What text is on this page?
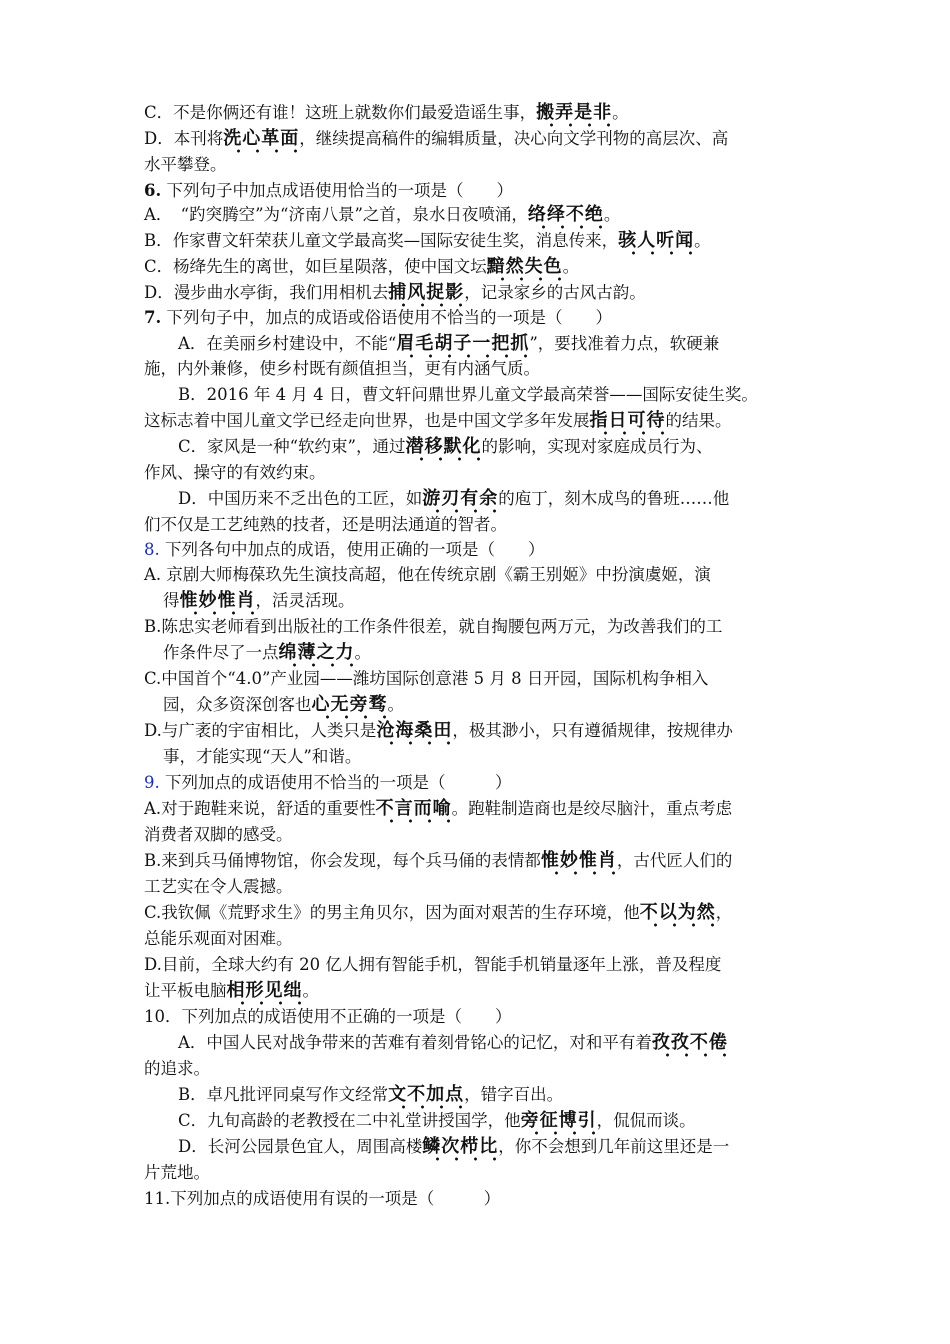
C．不是你俩还有谁！这班上就数你们最爱造谣生事，搬弄是非。
D．本刊将洗心革面，继续提高稿件的编辑质量，决心向文学刊物的高层次、高
水平攀登。
6. 下列句子中加点成语使用恰当的一项是（　　）
A．　“趵突腾空”为“济南八景”之首，泉水日夜喷涌，络绎不绝。
B．作家曹文轩荣获儿童文学最高奖—国际安徒生奖，消息传来，骇人听闻。
C．杨绛先生的离世，如巨星陨落，使中国文坛黯然失色。
D．漫步曲水亭街，我们用相机去捕风捉影，记录家乡的古风古韵。
7. 下列句子中，加点的成语或俗语使用不恰当的一项是（　　）
A．在美丽乡村建设中，不能“眉毛胡子一把抓”，要找准着力点，软硬兼
施，内外兼修，使乡村既有颜值担当，更有内涵气质。
B．2016 年 4 月 4 日，曹文轩问鼎世界儿童文学最高荣誉——国际安徒生奖。
这标志着中国儿童文学已经走向世界，也是中国文学多年发展指日可待的结果。
C．家风是一种“软约束”，通过潜移默化的影响，实现对家庭成员行为、
作风、操守的有效约束。
D．中国历来不乏出色的工匠，如游刃有余的庖丁，刻木成鸟的鲁班……他
们不仅是工艺纯熟的技者，还是明法通道的智者。
8. 下列各句中加点的成语，使用正确的一项是（　　）
A. 京剧大师梅葆玖先生演技高超，他在传统京剧《霸王别姬》中扮演虞姬，演
得惟妙惟肖，活灵活现。
B.陈忠实老师看到出版社的工作条件很差，就自掏腰包两万元，为改善我们的工
作条件尽了一点绵薄之力。
C.中国首个“4.0”产业园——潍坊国际创意港 5 月 8 日开园，国际机构争相入
园，众多资深创客也心无旁骛。
D.与广袤的宇宙相比，人类只是沧海桑田，极其渺小，只有遵循规律，按规律办
事，才能实现“天人”和谐。
9. 下列加点的成语使用不恰当的一项是（　　　）
A.对于跑鞋来说，舒适的重要性不言而喻。跑鞋制造商也是绞尽脑汁，重点考虑
消费者双脚的感受。
B.来到兵马俑博物馆，你会发现，每个兵马俑的表情都惟妙惟肖，古代匠人们的
工艺实在令人震撼。
C.我钦佩《荒野求生》的男主角贝尔，因为面对艰苦的生存环境，他不以为然，
总能乐观面对困难。
D.目前，全球大约有 20 亿人拥有智能手机，智能手机销量逐年上涨，普及程度
让平板电脑相形见绌。
10．下列加点的成语使用不正确的一项是（　　）
A．中国人民对战争带来的苦难有着刻骨铭心的记忆，对和平有着孜孜不倦
的追求。
B．卓凡批评同桌写作文经常文不加点，错字百出。
C．九旬高龄的老教授在二中礼堂讲授国学，他旁征博引，侃侃而谈。
D．长河公园景色宜人，周围高楼鳞次栉比，你不会想到几年前这里还是一
片荒地。
11.下列加点的成语使用有误的一项是（　　　）
